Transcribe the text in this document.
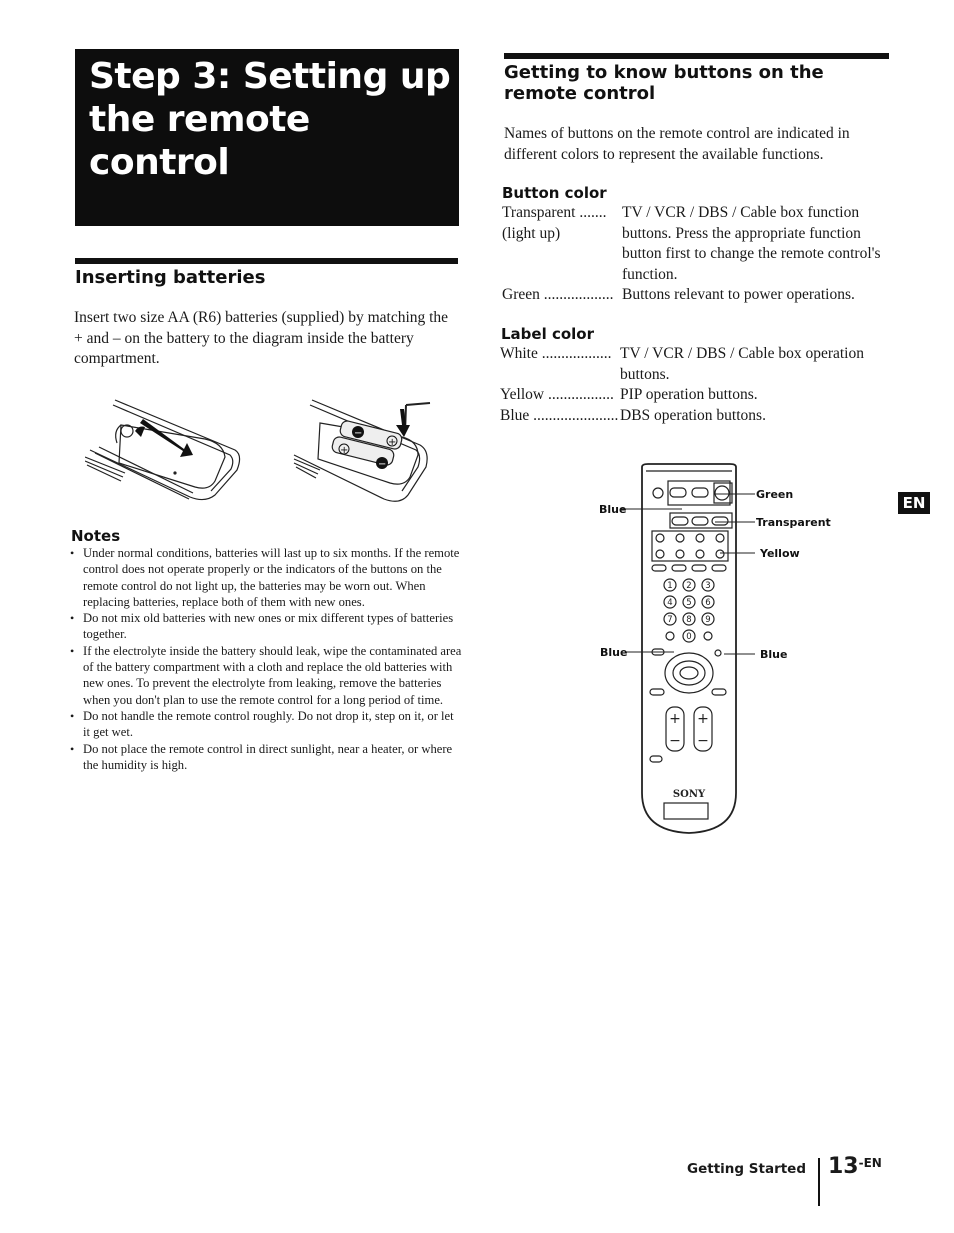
Step 3: Setting up
the remote
control
Inserting batteries

Insert two size AA (R6) batteries (supplied) by matching the + and – on the battery to the diagram inside the battery compartment.

−
+
+
−
Notes
• Under normal conditions, batteries will last up to six months. If the remote control does not operate properly or the indicators of the buttons on the remote control do not light up, the batteries may be worn out. When replacing batteries, replace both of them with new ones.
• Do not mix old batteries with new ones or mix different types of batteries together.
• If the electrolyte inside the battery should leak, wipe the contaminated area of the battery compartment with a cloth and replace the old batteries with new ones. To prevent the electrolyte from leaking, remove the batteries when you don't plan to use the remote control for a long period of time.
• Do not handle the remote control roughly. Do not drop it, step on it, or let it get wet.
• Do not place the remote control in direct sunlight, near a heater, or where the humidity is high.
Getting to know buttons on the remote control

Names of buttons on the remote control are indicated in different colors to represent the available functions.

Button color
Transparent .......
(light up)
TV / VCR / DBS / Cable box function buttons. Press the appropriate function button first to change the remote control's function.
Green .................. Buttons relevant to power operations.
Label color
White .................. TV / VCR / DBS / Cable box operation buttons.
Yellow ................. PIP operation buttons.
Blue ...................... DBS operation buttons.
1 2 3
4 5 6
7 8 9
0
+ +
− −
SONY
Green
Transparent
Yellow
Blue
Blue
Blue
EN
Getting Started $13^{-EN}$
